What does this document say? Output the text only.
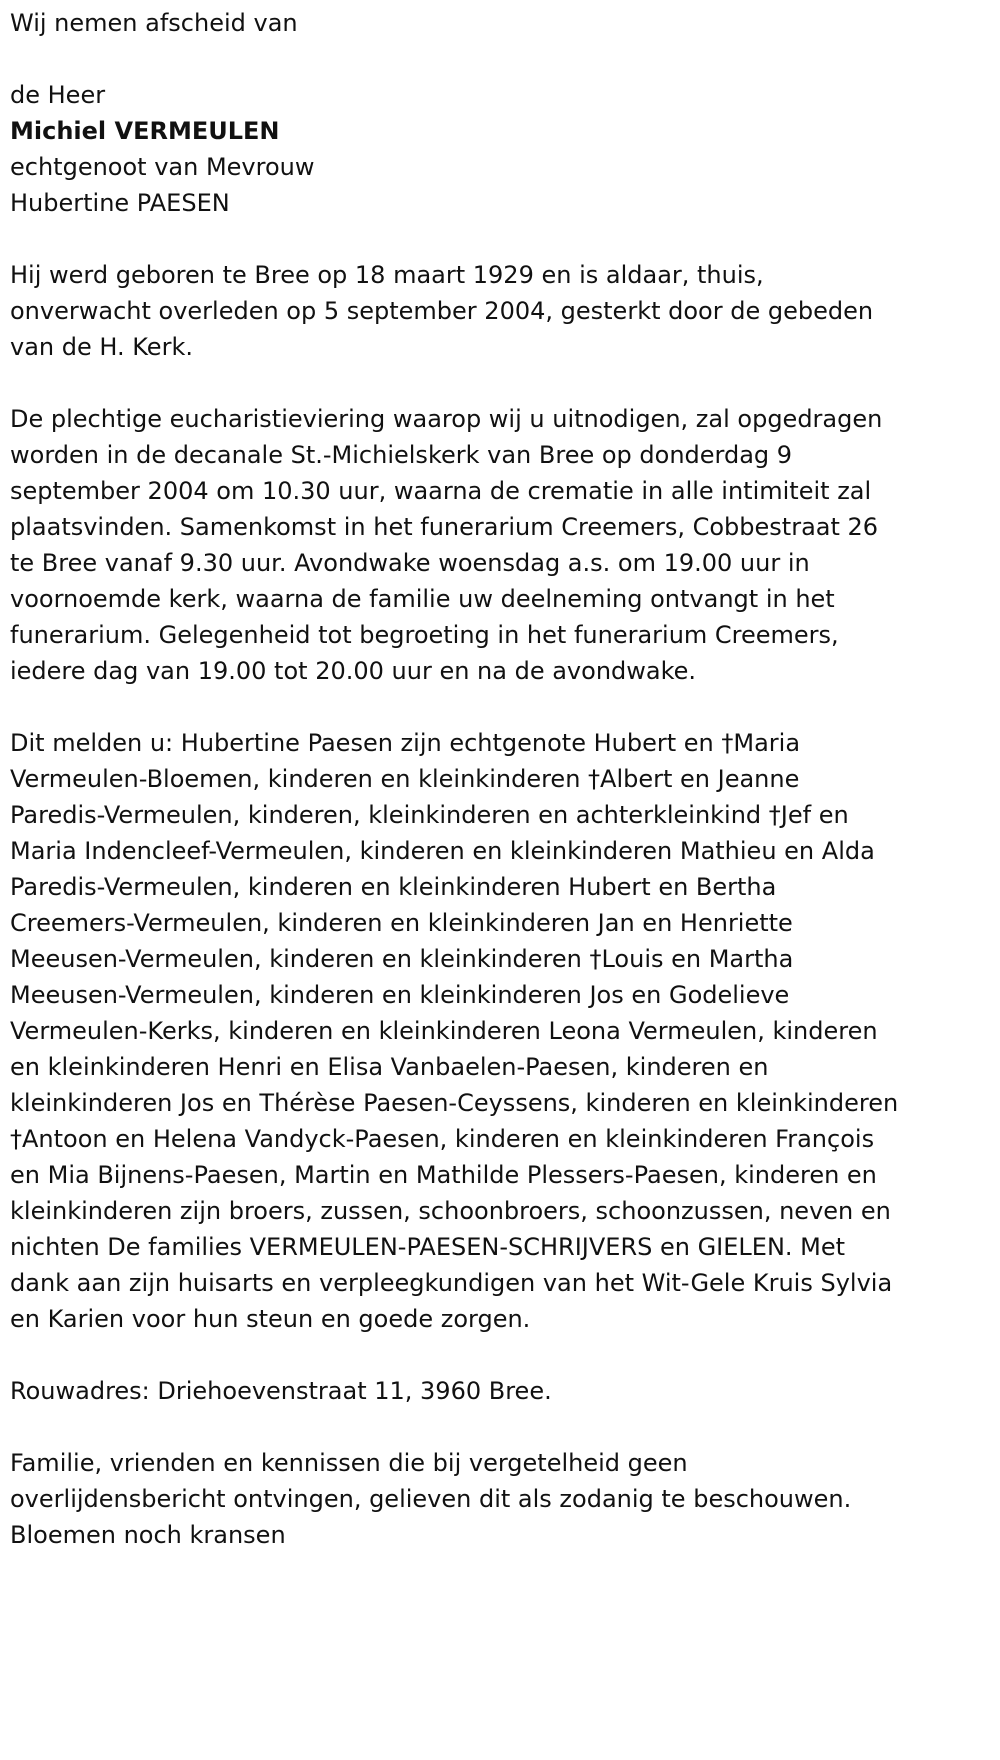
Wij nemen afscheid van
de Heer
Michiel VERMEULEN
echtgenoot van Mevrouw
Hubertine PAESEN
Hij werd geboren te Bree op 18 maart 1929 en is aldaar, thuis,
onverwacht overleden op 5 september 2004, gesterkt door de gebeden
van de H. Kerk.
De plechtige eucharistieviering waarop wij u uitnodigen, zal opgedragen
worden in de decanale St.-Michielskerk van Bree op donderdag 9
september 2004 om 10.30 uur, waarna de crematie in alle intimiteit zal
plaatsvinden. Samenkomst in het funerarium Creemers, Cobbestraat 26
te Bree vanaf 9.30 uur. Avondwake woensdag a.s. om 19.00 uur in
voornoemde kerk, waarna de familie uw deelneming ontvangt in het
funerarium. Gelegenheid tot begroeting in het funerarium Creemers,
iedere dag van 19.00 tot 20.00 uur en na de avondwake.
Dit melden u: Hubertine Paesen zijn echtgenote Hubert en †Maria
Vermeulen-Bloemen, kinderen en kleinkinderen †Albert en Jeanne
Paredis-Vermeulen, kinderen, kleinkinderen en achterkleinkind †Jef en
Maria Indencleef-Vermeulen, kinderen en kleinkinderen Mathieu en Alda
Paredis-Vermeulen, kinderen en kleinkinderen Hubert en Bertha
Creemers-Vermeulen, kinderen en kleinkinderen Jan en Henriette
Meeusen-Vermeulen, kinderen en kleinkinderen †Louis en Martha
Meeusen-Vermeulen, kinderen en kleinkinderen Jos en Godelieve
Vermeulen-Kerks, kinderen en kleinkinderen Leona Vermeulen, kinderen
en kleinkinderen Henri en Elisa Vanbaelen-Paesen, kinderen en
kleinkinderen Jos en Thérèse Paesen-Ceyssens, kinderen en kleinkinderen
†Antoon en Helena Vandyck-Paesen, kinderen en kleinkinderen François
en Mia Bijnens-Paesen, Martin en Mathilde Plessers-Paesen, kinderen en
kleinkinderen zijn broers, zussen, schoonbroers, schoonzussen, neven en
nichten De families VERMEULEN-PAESEN-SCHRIJVERS en GIELEN. Met
dank aan zijn huisarts en verpleegkundigen van het Wit-Gele Kruis Sylvia
en Karien voor hun steun en goede zorgen.
Rouwadres: Driehoevenstraat 11, 3960 Bree.
Familie, vrienden en kennissen die bij vergetelheid geen
overlijdensbericht ontvingen, gelieven dit als zodanig te beschouwen.
Bloemen noch kransen
